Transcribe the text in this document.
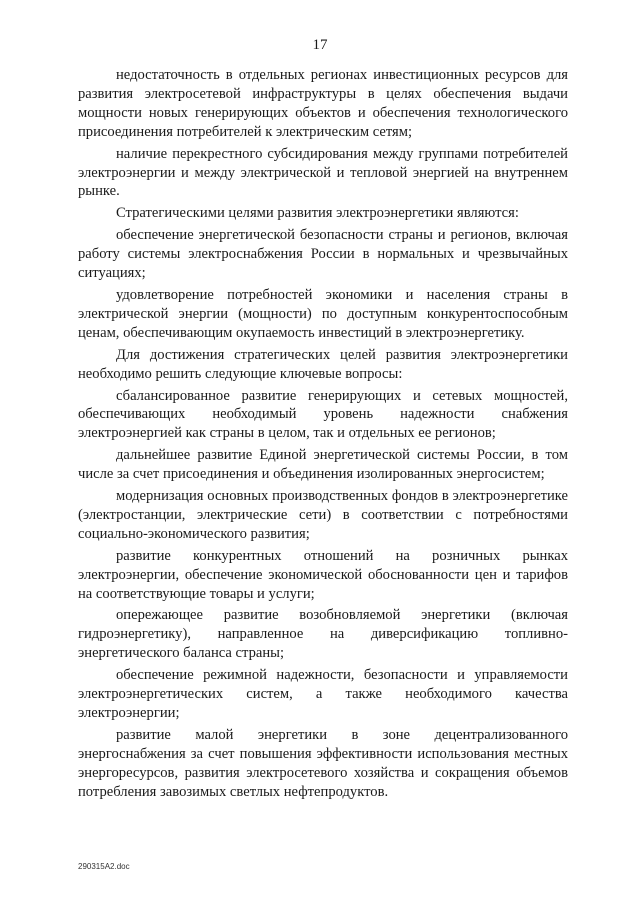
17

недостаточность в отдельных регионах инвестиционных ресурсов для развития электросетевой инфраструктуры в целях обеспечения выдачи мощности новых генерирующих объектов и обеспечения технологического присоединения потребителей к электрическим сетям;

наличие перекрестного субсидирования между группами потребителей электроэнергии и между электрической и тепловой энергией на внутреннем рынке.

Стратегическими целями развития электроэнергетики являются:

обеспечение энергетической безопасности страны и регионов, включая работу системы электроснабжения России в нормальных и чрезвычайных ситуациях;

удовлетворение потребностей экономики и населения страны в электрической энергии (мощности) по доступным конкурентоспособным ценам, обеспечивающим окупаемость инвестиций в электроэнергетику.

Для достижения стратегических целей развития электроэнергетики необходимо решить следующие ключевые вопросы:

сбалансированное развитие генерирующих и сетевых мощностей, обеспечивающих необходимый уровень надежности снабжения электроэнергией как страны в целом, так и отдельных ее регионов;

дальнейшее развитие Единой энергетической системы России, в том числе за счет присоединения и объединения изолированных энергосистем;

модернизация основных производственных фондов в электроэнергетике (электростанции, электрические сети) в соответствии с потребностями социально-экономического развития;

развитие конкурентных отношений на розничных рынках электроэнергии, обеспечение экономической обоснованности цен и тарифов на соответствующие товары и услуги;

опережающее развитие возобновляемой энергетики (включая гидроэнергетику), направленное на диверсификацию топливно-энергетического баланса страны;

обеспечение режимной надежности, безопасности и управляемости электроэнергетических систем, а также необходимого качества электроэнергии;

развитие малой энергетики в зоне децентрализованного энергоснабжения за счет повышения эффективности использования местных энергоресурсов, развития электросетевого хозяйства и сокращения объемов потребления завозимых светлых нефтепродуктов.

290315A2.doc
